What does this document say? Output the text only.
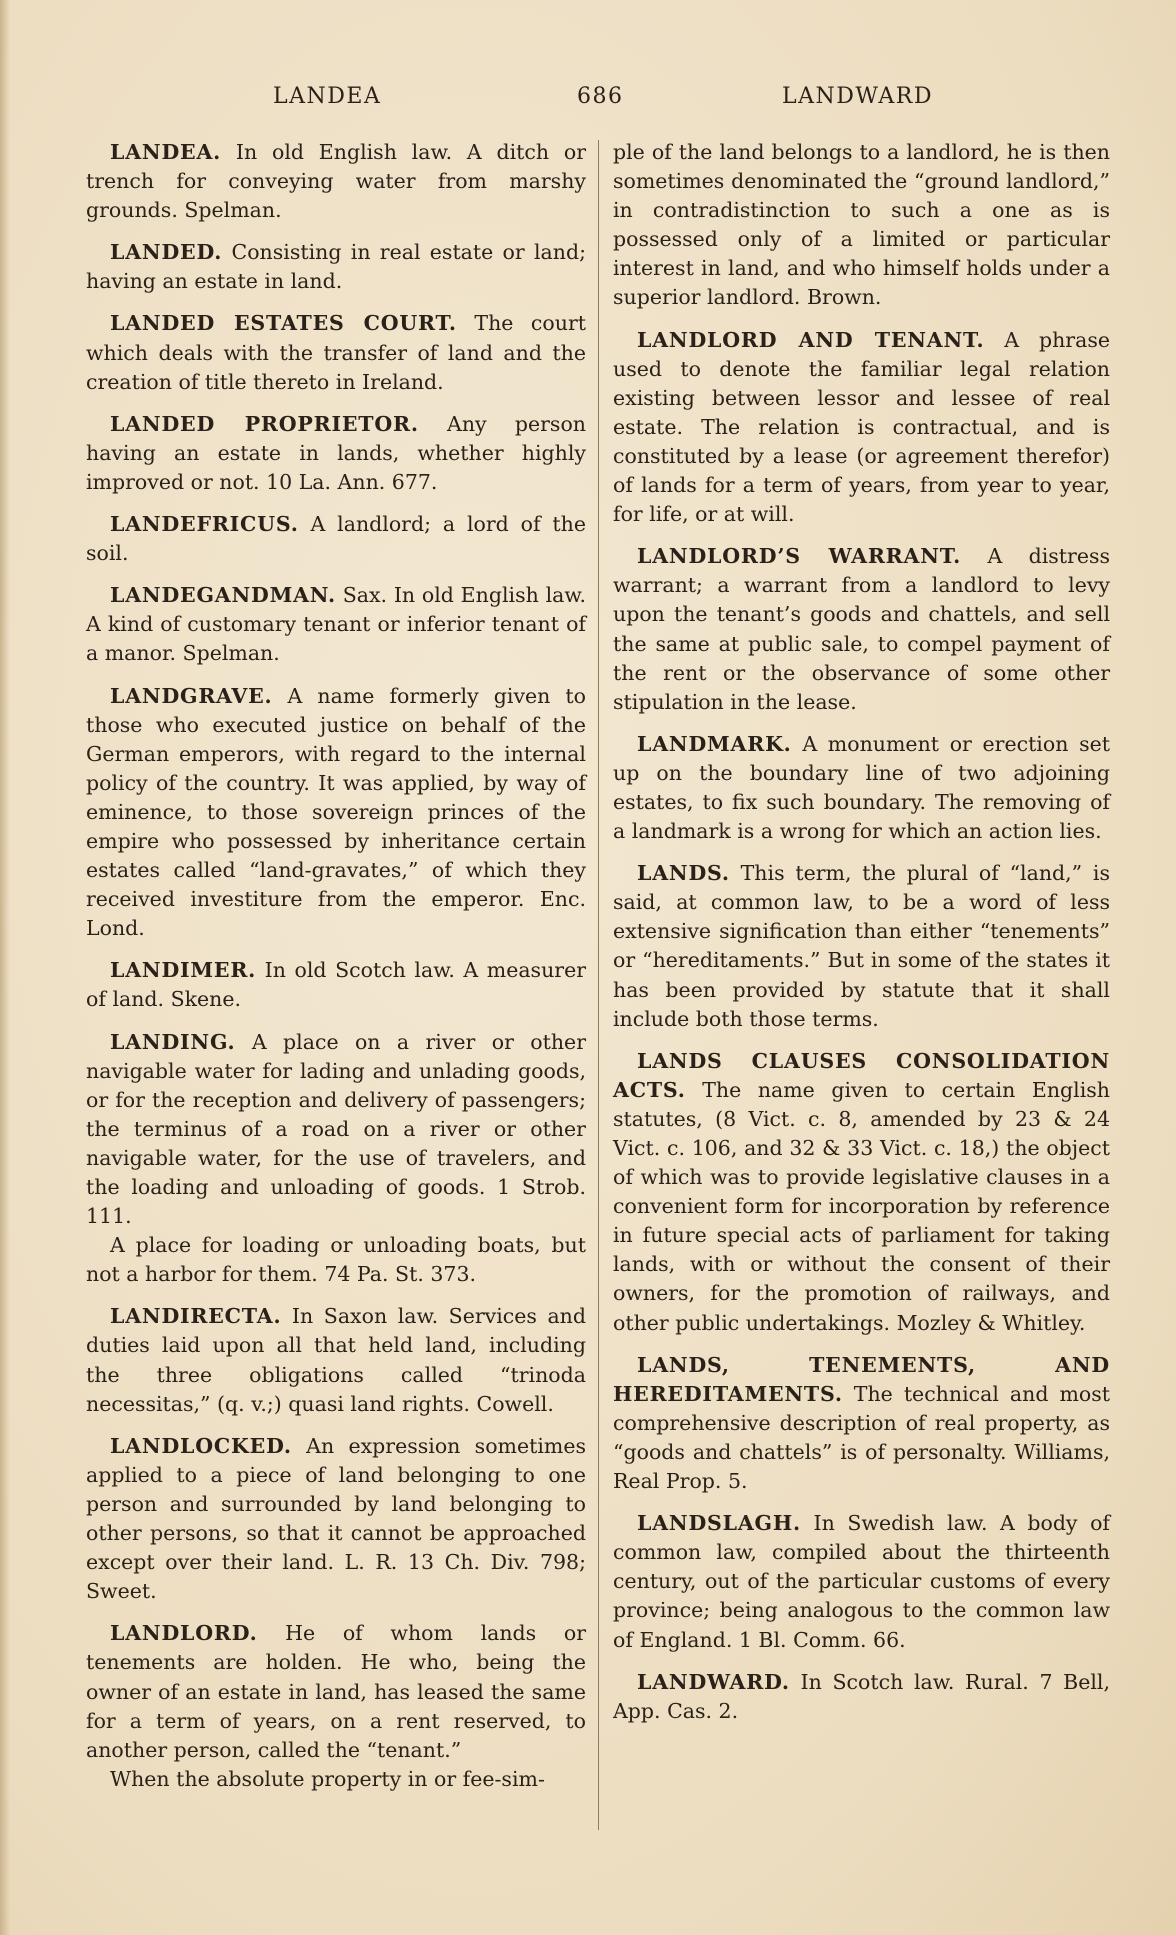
LANDEA	686	LANDWARD

LANDEA. In old English law. A ditch or trench for conveying water from marshy grounds. Spelman.

LANDED. Consisting in real estate or land; having an estate in land.

LANDED ESTATES COURT. The court which deals with the transfer of land and the creation of title thereto in Ireland.

LANDED PROPRIETOR. Any person having an estate in lands, whether highly improved or not. 10 La. Ann. 677.

LANDEFRICUS. A landlord; a lord of the soil.

LANDEGANDMAN. Sax. In old English law. A kind of customary tenant or inferior tenant of a manor. Spelman.

LANDGRAVE. A name formerly given to those who executed justice on behalf of the German emperors, with regard to the internal policy of the country. It was applied, by way of eminence, to those sovereign princes of the empire who possessed by inheritance certain estates called “land-gravates,” of which they received investiture from the emperor. Enc. Lond.

LANDIMER. In old Scotch law. A measurer of land. Skene.

LANDING. A place on a river or other navigable water for lading and unlading goods, or for the reception and delivery of passengers; the terminus of a road on a river or other navigable water, for the use of travelers, and the loading and unloading of goods. 1 Strob. 111.
A place for loading or unloading boats, but not a harbor for them. 74 Pa. St. 373.

LANDIRECTA. In Saxon law. Services and duties laid upon all that held land, including the three obligations called “trinoda necessitas,” (q. v.;) quasi land rights. Cowell.

LANDLOCKED. An expression sometimes applied to a piece of land belonging to one person and surrounded by land belonging to other persons, so that it cannot be approached except over their land. L. R. 13 Ch. Div. 798; Sweet.

LANDLORD. He of whom lands or tenements are holden. He who, being the owner of an estate in land, has leased the same for a term of years, on a rent reserved, to another person, called the “tenant.”
When the absolute property in or fee-sim-

ple of the land belongs to a landlord, he is then sometimes denominated the “ground landlord,” in contradistinction to such a one as is possessed only of a limited or particular interest in land, and who himself holds under a superior landlord. Brown.

LANDLORD AND TENANT. A phrase used to denote the familiar legal relation existing between lessor and lessee of real estate. The relation is contractual, and is constituted by a lease (or agreement therefor) of lands for a term of years, from year to year, for life, or at will.

LANDLORD’S WARRANT. A distress warrant; a warrant from a landlord to levy upon the tenant’s goods and chattels, and sell the same at public sale, to compel payment of the rent or the observance of some other stipulation in the lease.

LANDMARK. A monument or erection set up on the boundary line of two adjoining estates, to fix such boundary. The removing of a landmark is a wrong for which an action lies.

LANDS. This term, the plural of “land,” is said, at common law, to be a word of less extensive signification than either “tenements” or “hereditaments.” But in some of the states it has been provided by statute that it shall include both those terms.

LANDS CLAUSES CONSOLIDATION ACTS. The name given to certain English statutes, (8 Vict. c. 8, amended by 23 & 24 Vict. c. 106, and 32 & 33 Vict. c. 18,) the object of which was to provide legislative clauses in a convenient form for incorporation by reference in future special acts of parliament for taking lands, with or without the consent of their owners, for the promotion of railways, and other public undertakings. Mozley & Whitley.

LANDS, TENEMENTS, AND HEREDITAMENTS. The technical and most comprehensive description of real property, as “goods and chattels” is of personalty. Williams, Real Prop. 5.

LANDSLAGH. In Swedish law. A body of common law, compiled about the thirteenth century, out of the particular customs of every province; being analogous to the common law of England. 1 Bl. Comm. 66.

LANDWARD. In Scotch law. Rural. 7 Bell, App. Cas. 2.
